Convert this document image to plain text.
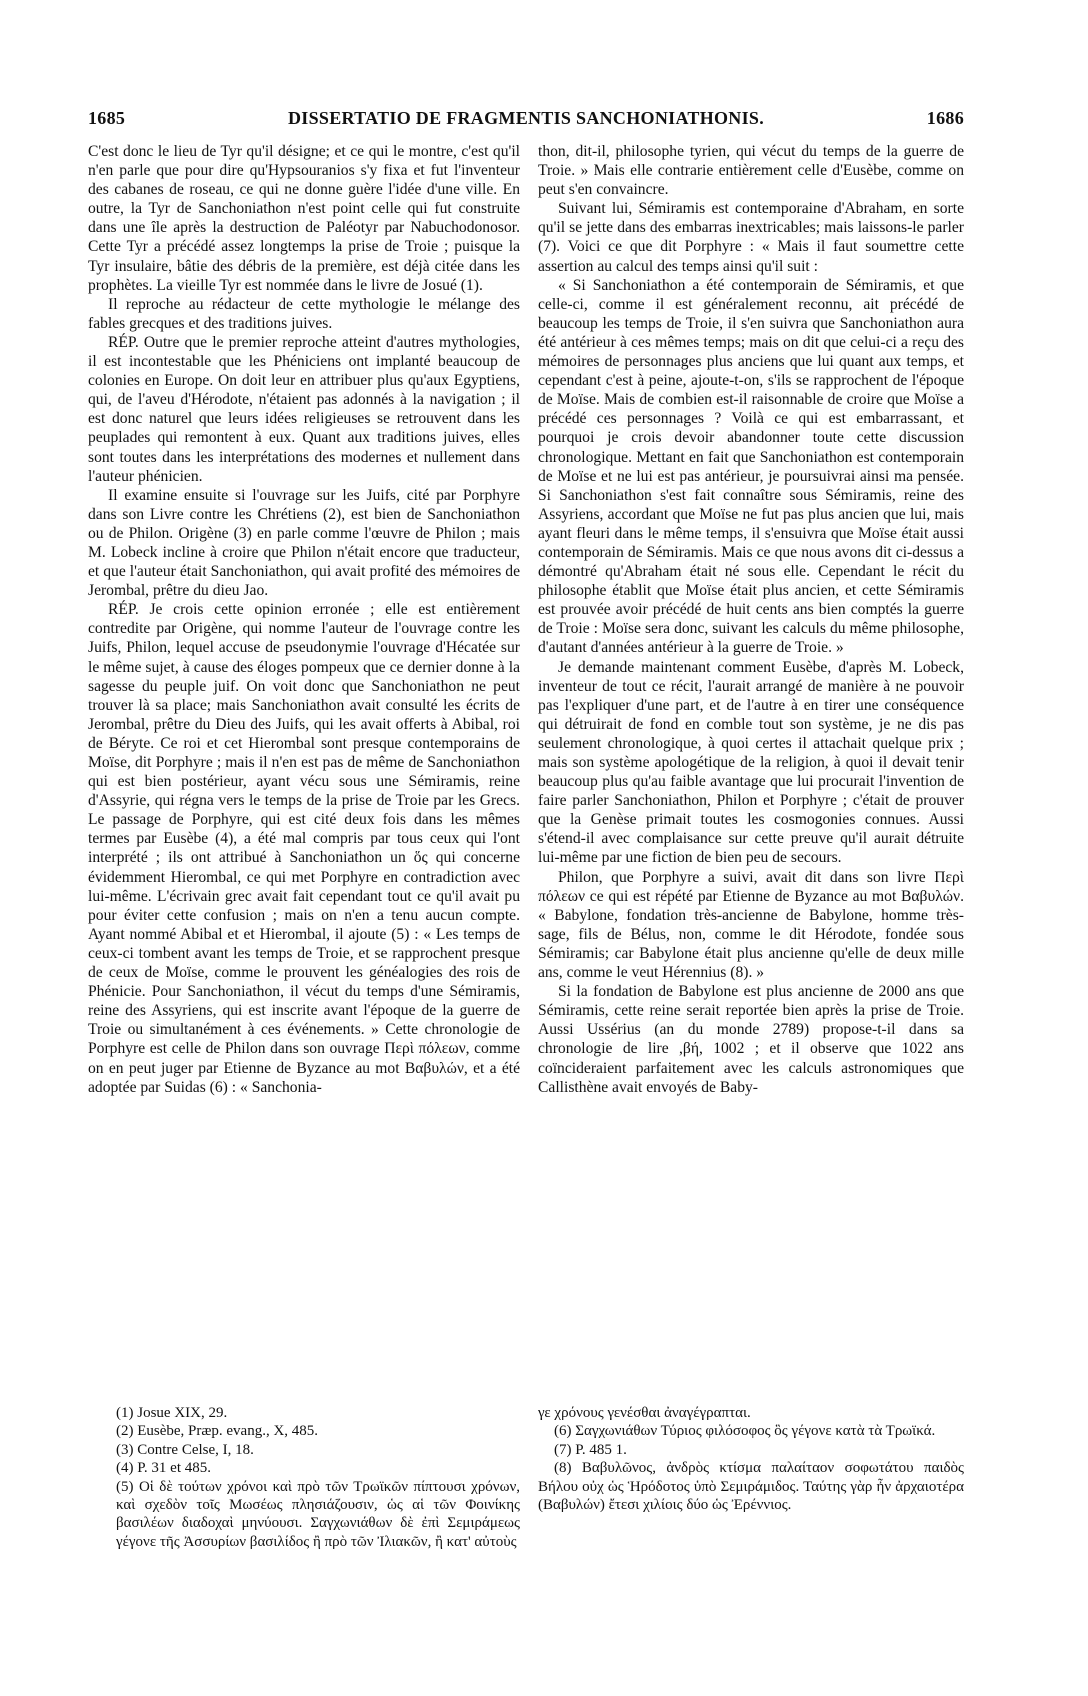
1685	DISSERTATIO DE FRAGMENTIS SANCHONIATHONIS.	1686

C'est donc le lieu de Tyr qu'il désigne; et ce qui le montre, c'est qu'il n'en parle que pour dire qu'Hypsouranios s'y fixa et fut l'inventeur des cabanes de roseau, ce qui ne donne guère l'idée d'une ville. En outre, la Tyr de Sanchoniathon n'est point celle qui fut construite dans une île après la destruction de Paléotyr par Nabuchodonosor. Cette Tyr a précédé assez longtemps la prise de Troie ; puisque la Tyr insulaire, bâtie des débris de la première, est déjà citée dans les prophètes. La vieille Tyr est nommée dans le livre de Josué (1).

Il reproche au rédacteur de cette mythologie le mélange des fables grecques et des traditions juives.

RÉP. Outre que le premier reproche atteint d'autres mythologies, il est incontestable que les Phéniciens ont implanté beaucoup de colonies en Europe. On doit leur en attribuer plus qu'aux Egyptiens, qui, de l'aveu d'Hérodote, n'étaient pas adonnés à la navigation ; il est donc naturel que leurs idées religieuses se retrouvent dans les peuplades qui remontent à eux. Quant aux traditions juives, elles sont toutes dans les interprétations des modernes et nullement dans l'auteur phénicien.

Il examine ensuite si l'ouvrage sur les Juifs, cité par Porphyre dans son Livre contre les Chrétiens (2), est bien de Sanchoniathon ou de Philon. Origène (3) en parle comme l'œuvre de Philon ; mais M. Lobeck incline à croire que Philon n'était encore que traducteur, et que l'auteur était Sanchoniathon, qui avait profité des mémoires de Jerombal, prêtre du dieu Jao.

RÉP. Je crois cette opinion erronée ; elle est entièrement contredite par Origène, qui nomme l'auteur de l'ouvrage contre les Juifs, Philon, lequel accuse de pseudonymie l'ouvrage d'Hécatée sur le même sujet, à cause des éloges pompeux que ce dernier donne à la sagesse du peuple juif. On voit donc que Sanchoniathon ne peut trouver là sa place; mais Sanchoniathon avait consulté les écrits de Jerombal, prêtre du Dieu des Juifs, qui les avait offerts à Abibal, roi de Béryte. Ce roi et cet Hierombal sont presque contemporains de Moïse, dit Porphyre ; mais il n'en est pas de même de Sanchoniathon qui est bien postérieur, ayant vécu sous une Sémiramis, reine d'Assyrie, qui régna vers le temps de la prise de Troie par les Grecs. Le passage de Porphyre, qui est cité deux fois dans les mêmes termes par Eusèbe (4), a été mal compris par tous ceux qui l'ont interprété ; ils ont attribué à Sanchoniathon un ὅς qui concerne évidemment Hierombal, ce qui met Porphyre en contradiction avec lui-même. L'écrivain grec avait fait cependant tout ce qu'il avait pu pour éviter cette confusion ; mais on n'en a tenu aucun compte. Ayant nommé Abibal et et Hierombal, il ajoute (5) : « Les temps de ceux-ci tombent avant les temps de Troie, et se rapprochent presque de ceux de Moïse, comme le prouvent les généalogies des rois de Phénicie. Pour Sanchoniathon, il vécut du temps d'une Sémiramis, reine des Assyriens, qui est inscrite avant l'époque de la guerre de Troie ou simultanément à ces événements. » Cette chronologie de Porphyre est celle de Philon dans son ouvrage Περὶ πόλεων, comme on en peut juger par Etienne de Byzance au mot Βαβυλών, et a été adoptée par Suidas (6) : « Sanchonia-

thon, dit-il, philosophe tyrien, qui vécut du temps de la guerre de Troie. » Mais elle contrarie entièrement celle d'Eusèbe, comme on peut s'en convaincre.

Suivant lui, Sémiramis est contemporaine d'Abraham, en sorte qu'il se jette dans des embarras inextricables; mais laissons-le parler (7). Voici ce que dit Porphyre : « Mais il faut soumettre cette assertion au calcul des temps ainsi qu'il suit :

« Si Sanchoniathon a été contemporain de Sémiramis, et que celle-ci, comme il est généralement reconnu, ait précédé de beaucoup les temps de Troie, il s'en suivra que Sanchoniathon aura été antérieur à ces mêmes temps; mais on dit que celui-ci a reçu des mémoires de personnages plus anciens que lui quant aux temps, et cependant c'est à peine, ajoute-t-on, s'ils se rapprochent de l'époque de Moïse. Mais de combien est-il raisonnable de croire que Moïse a précédé ces personnages ? Voilà ce qui est embarrassant, et pourquoi je crois devoir abandonner toute cette discussion chronologique. Mettant en fait que Sanchoniathon est contemporain de Moïse et ne lui est pas antérieur, je poursuivrai ainsi ma pensée. Si Sanchoniathon s'est fait connaître sous Sémiramis, reine des Assyriens, accordant que Moïse ne fut pas plus ancien que lui, mais ayant fleuri dans le même temps, il s'ensuivra que Moïse était aussi contemporain de Sémiramis. Mais ce que nous avons dit ci-dessus a démontré qu'Abraham était né sous elle. Cependant le récit du philosophe établit que Moïse était plus ancien, et cette Sémiramis est prouvée avoir précédé de huit cents ans bien comptés la guerre de Troie : Moïse sera donc, suivant les calculs du même philosophe, d'autant d'années antérieur à la guerre de Troie. »

Je demande maintenant comment Eusèbe, d'après M. Lobeck, inventeur de tout ce récit, l'aurait arrangé de manière à ne pouvoir pas l'expliquer d'une part, et de l'autre à en tirer une conséquence qui détruirait de fond en comble tout son système, je ne dis pas seulement chronologique, à quoi certes il attachait quelque prix ; mais son système apologétique de la religion, à quoi il devait tenir beaucoup plus qu'au faible avantage que lui procurait l'invention de faire parler Sanchoniathon, Philon et Porphyre ; c'était de prouver que la Genèse primait toutes les cosmogonies connues. Aussi s'étend-il avec complaisance sur cette preuve qu'il aurait détruite lui-même par une fiction de bien peu de secours.

Philon, que Porphyre a suivi, avait dit dans son livre Περὶ πόλεων ce qui est répété par Etienne de Byzance au mot Βαβυλών. « Babylone, fondation très-ancienne de Babylone, homme très-sage, fils de Bélus, non, comme le dit Hérodote, fondée sous Sémiramis; car Babylone était plus ancienne qu'elle de deux mille ans, comme le veut Hérennius (8). »

Si la fondation de Babylone est plus ancienne de 2000 ans que Sémiramis, cette reine serait reportée bien après la prise de Troie. Aussi Ussérius (an du monde 2789) propose-t-il dans sa chronologie de lire ,βή, 1002 ; et il observe que 1022 ans coïncideraient parfaitement avec les calculs astronomiques que Callisthène avait envoyés de Baby-

(1) Josue XIX, 29.

(2) Eusèbe, Præp. evang., X, 485.

(3) Contre Celse, I, 18.

(4) P. 31 et 485.

(5) Οἱ δὲ τούτων χρόνοι καὶ πρὸ τῶν Τρωϊκῶν πίπτουσι χρόνων, καὶ σχεδὸν τοῖς Μωσέως πλησιάζουσιν, ὡς αἱ τῶν Φοινίκης βασιλέων διαδοχαὶ μηνύουσι. Σαγχωνιάθων δὲ ἐπὶ Σεμιράμεως γέγονε τῆς Ἀσσυρίων βασιλίδος ἢ πρὸ τῶν Ἰλιακῶν, ἢ κατ' αὐτοὺς

γε χρόνους γενέσθαι ἀναγέγραπται.

(6) Σαγχωνιάθων Τύριος φιλόσοφος ὃς γέγονε κατὰ τὰ Τρωϊκά.

(7) P. 485 1.

(8) Βαβυλῶνος, ἀνδρὸς κτίσμα παλαίταον σοφωτάτου παιδὸς Βήλου οὐχ ὡς Ἡρόδοτος ὑπὸ Σεμιράμιδος. Ταύτης γὰρ ἦν ἀρχαιοτέρα (Βαβυλών) ἔτεσι χιλίοις δύο ὡς Ἐρέννιος.
